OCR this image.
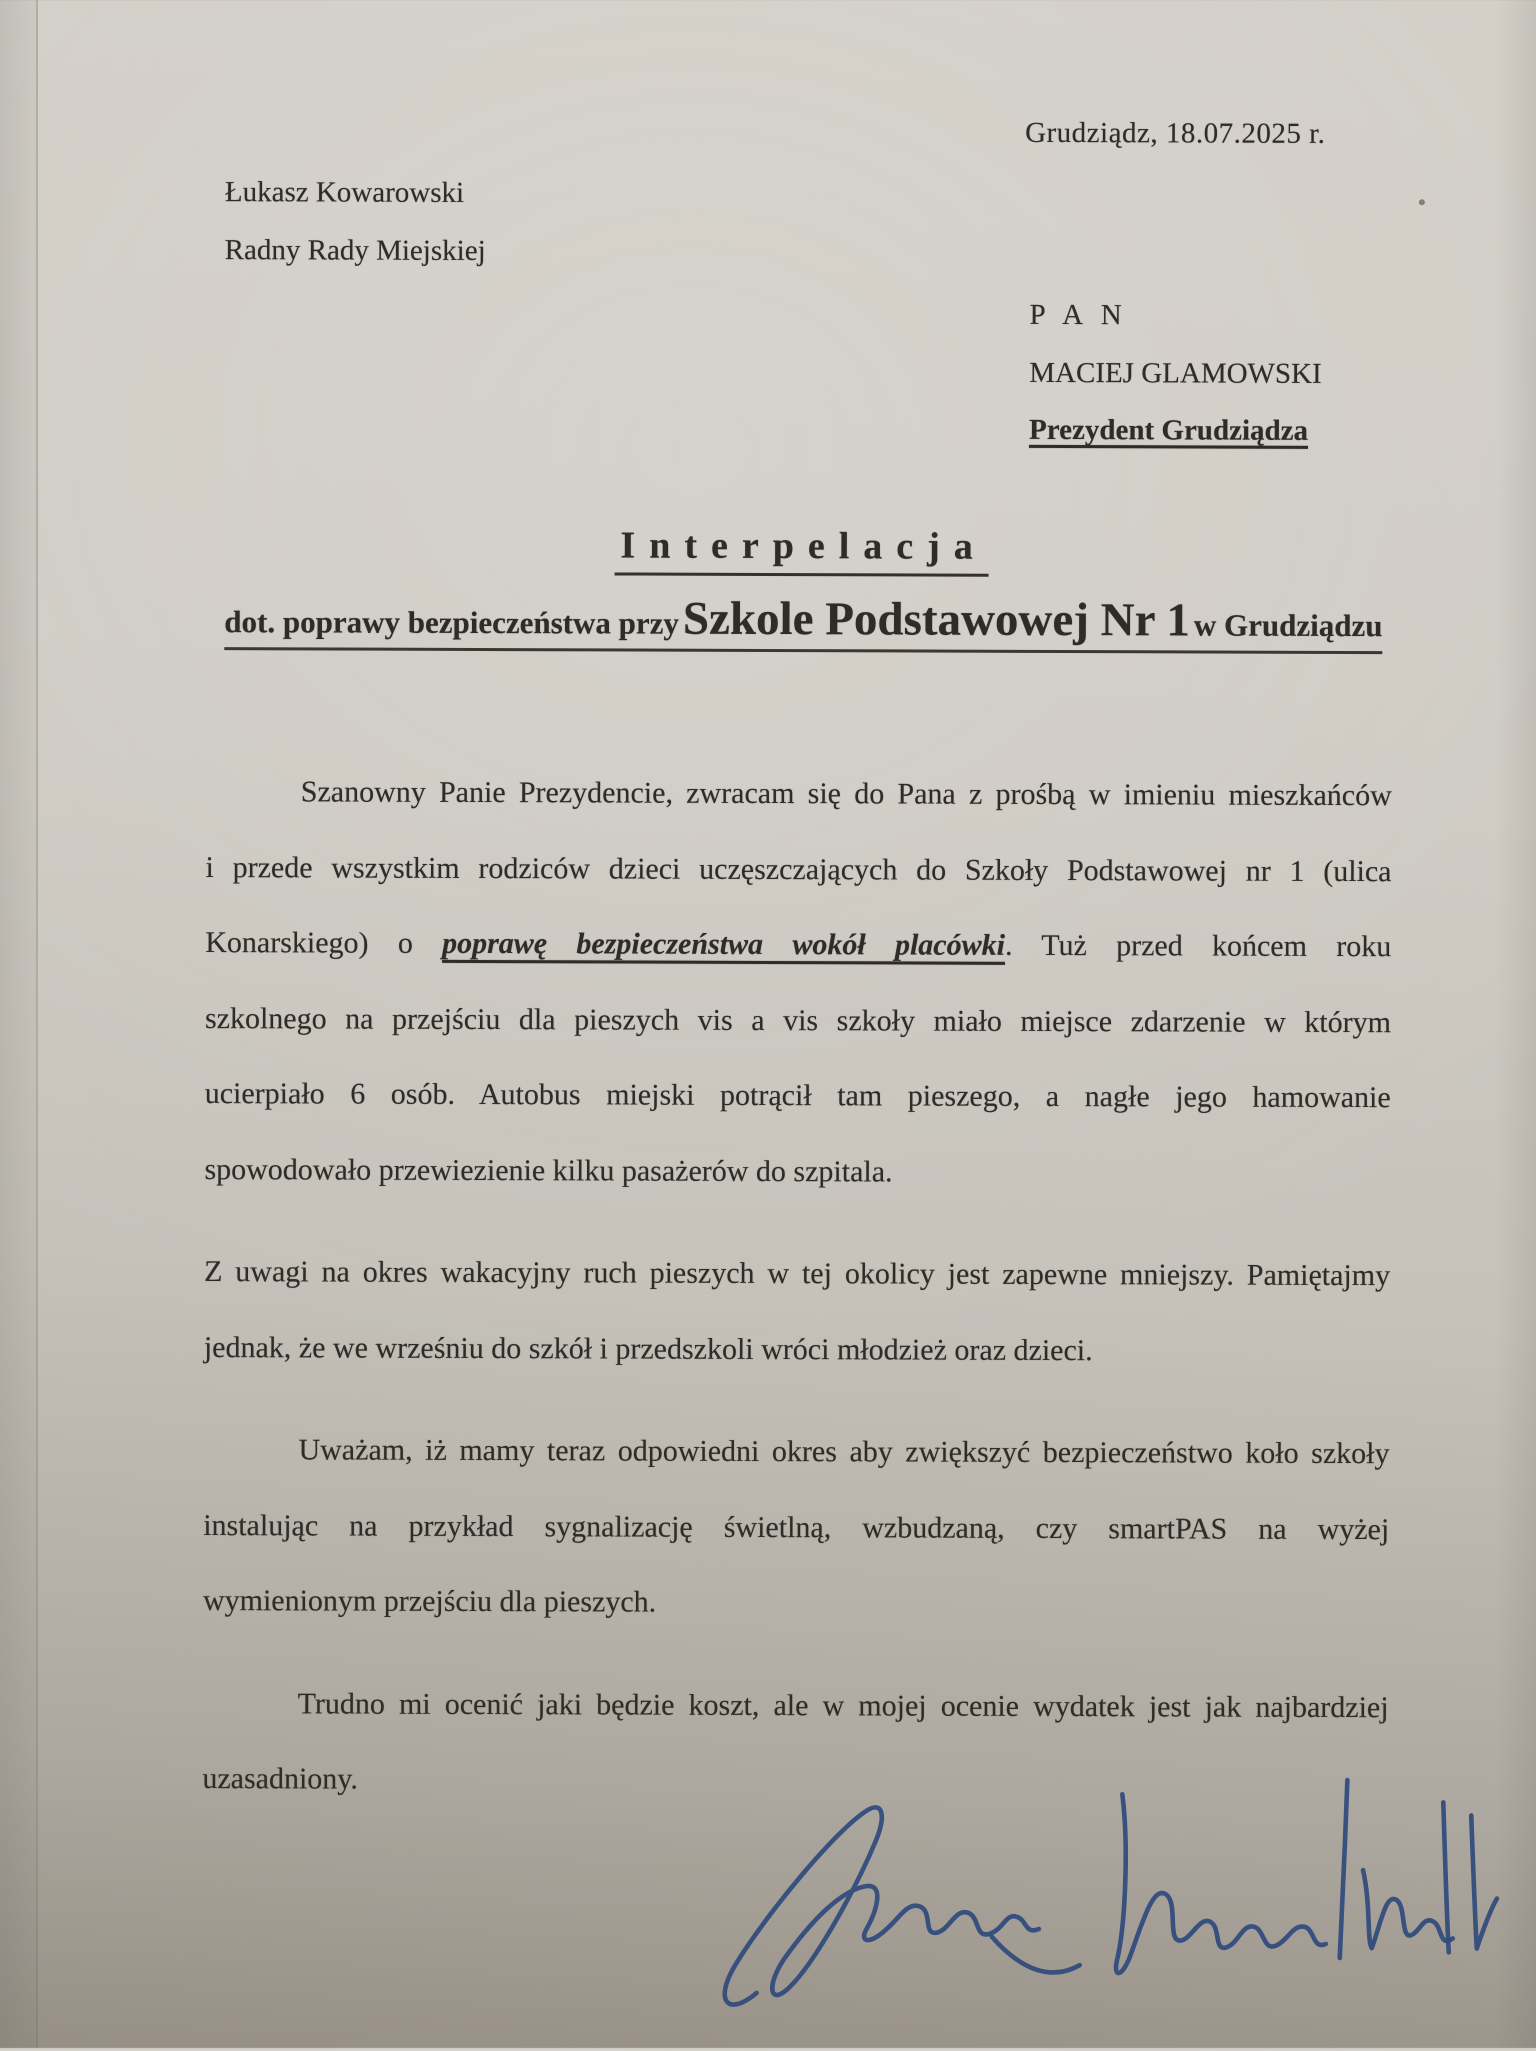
Grudziądz, 18.07.2025 r.
Łukasz Kowarowski
Radny Rady Miejskiej
P A N
MACIEJ GLAMOWSKI
Prezydent Grudziądza
Interpelacja
dot. poprawy bezpieczeństwa przy Szkole Podstawowej Nr 1 w Grudziądzu
Szanowny Panie Prezydencie, zwracam się do Pana z prośbą w imieniu mieszkańców
i przede wszystkim rodziców dzieci uczęszczających do Szkoły Podstawowej nr 1 (ulica
Konarskiego) o poprawę bezpieczeństwa wokół placówki. Tuż przed końcem roku
szkolnego na przejściu dla pieszych vis a vis szkoły miało miejsce zdarzenie w którym
ucierpiało 6 osób. Autobus miejski potrącił tam pieszego, a nagłe jego hamowanie
spowodowało przewiezienie kilku pasażerów do szpitala.
Z uwagi na okres wakacyjny ruch pieszych w tej okolicy jest zapewne mniejszy. Pamiętajmy
jednak, że we wrześniu do szkół i przedszkoli wróci młodzież oraz dzieci.
Uważam, iż mamy teraz odpowiedni okres aby zwiększyć bezpieczeństwo koło szkoły
instalując na przykład sygnalizację świetlną, wzbudzaną, czy smartPAS na wyżej
wymienionym przejściu dla pieszych.
Trudno mi ocenić jaki będzie koszt, ale w mojej ocenie wydatek jest jak najbardziej
uzasadniony.
